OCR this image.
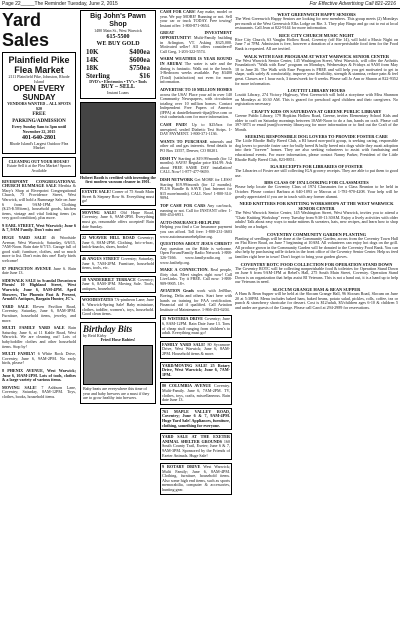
Page 22_____The Reminder Tuesday, June 2, 2015	For Effective Advertising Call 821-2216
Yard Sales
Plainfield Pike Flea Market
2111 Plainfield Pike, Johnston, Rhode Island
OPEN EVERY SUNDAY
VENDORS WANTED – ALL SPOTS $20
FREE PARKING/ADMISSION
Every Sunday 6am to 3pm until November 22, 2015
401-640-2801
Rhode Island's Largest Outdoor Flea Market
CLEANING OUT YOUR HOUSE?
Estate Sell it at the Flea Market! Spaces Available
RIVERPOINT CONGREGATIONAL CHURCH RUMMAGE SALE Merthia & Mary's Shop at Riverpoint Congregational Church, 75 Providence Street, West Warwick, will hold a Rummage Sale on June 6 from 9AM-1PM. Clothing ($.25-$.50/item), household goods, kitchen items, vintage and vital linking items (as very good condition), plus more.
9 EARL STREET, West Warwick; June 6 & 7, 9AM Family. Don't miss out!
HUGE YARD SALE! 46 Woodside Avenue, West Warwick; Saturday, 6/6/15, 7AM-Noon. Rain date 6/7/15. Garage full of good stuff; furniture, clothes, and so much more to list. Don't miss this one! Early birds welcome!
87 PRINCETON AVENUE June 6. Rain date June 13.
SIDEWALK SALE in Scandal Downtown Phenix! 10 Highland Street, West Warwick; June 6, 8AM-4PM. April Showers, The Phoenix Past & Present, Arnold's Antiques, Bargain Hunter, JC's.
YARD SALE Eleven Pavilion Road, Coventry; Saturday, June 6, 8AM-3PM. Furniture, household items, jewelry, and more.
MULTI FAMILY YARD SALE Rain Saturday, June 6, at 11 Kahle Road, West Warwick. We are cleaning out! Lots of baby/toddler clothes and other household items. Stop by!
MULTI FAMILY! 6 White Rock Drive, Coventry; June 6, 9AM-2PM. No early birds, please!
8 PHENIX AVENUE, West Warwick; June 6, 10AM-2PM. Lots of tools, clothes & a large variety of various items.
MOVING SALE! 7 Ashburn Lane, Coventry; Saturday, 8AM-12PM. Toys, clothes, books, household items.
Big John's Pawn Shop
1480 Main St., West Warwick
615-5500
WE BUY GOLD
10K	$400ea
14K	$600ea
18K	$750ea
Sterling	$16
DVD's • Electronics • TV's • Tools
BUY – SELL
Instant Loans
Hubert Booth is credited with inventing the first modern vacuum cleaner in 1901.
ESTATE SALE! Corner of 75 South Main Street & Stepney Row St. Everything must go!
MOVING SALE! Old Hope Road, Coventry; June 6, 9AM-2PM. Everything must go, reasonable offers accepted! Rain date Sunday.
22 WEAVER HILL ROAD Coventry; June 6, 8AM-2PM. Clothing, bric-a-brac, knick-knacks, shoes, books!
46 ANGUS STREET Coventry; Saturday, June 6, 7AM-2PM. Furniture, household items, tools, etc.
18 VANDERBILT TERRACE Coventry; June 6, 8AM-1PM. Moving Sale. Tools, antiques, household.
WOODESTATES 7A-pintheon Lane; June 6. Warwick-Spring Sale! Baby miniature, clothes, toddler, women's, toys, household. Good clean items.
Birthday Bits
by Reid Kirby
Fried Hose Babies!
Baby beats are everywhere this time of year and baby brewers are a must if they are to grow healthy into brewers.
CASH FOR CARS! Any make, model or year. We pay MORE! Running or not. Sell your car or truck TODAY. Free towing! Instant offer: 1-800-871-0654.
GREAT INVESTMENT OPPORTUNITY! Multi-Family building in Arlington, VT. Asking $325,000. Motivated seller! All offers considered! Call Greg, 1-203-322-5574.
WARM WEATHER IS YEAR ROUND IN ARUBA! The water is safe and the dining is fantastic. Walk out to the beach. 3-Bedroom weeks available. Pay $3400 (Total) (satisfaction) not even for more information.
ADVERTISE TO 10 MILLION HOMES across the USA! Place your ad in over 140 Community Newspapers, with circulation totaling over 10 million homes. Contact Independent Free Papers of America (IFPA) at danielleburnett-ifpa@live.com or visit cadnetads.com for more information.
CASH PAID! Up to $25/box for unexpired, sealed Diabetic Test Strips. 1-DAY PAYMENT. 1-800-371-1136.
WANTS TO PURCHASE minerals and other oil and gas interests. Send details to PO Box 13557, Denver, CO 80201.
DISH TV Starting at $19.99/month (for 12 months). SAVE! Regular price $34.99. Ask about FREE SAME DAY installation! CALL Now! 1-877-477-9659.
DISH NETWORK Get MORE for LESS! Starting $19.99/month (for 12 months). PLUS Bundle & SAVE (fast Internet for $15 more/month). CALL Now! 1-800-314-9094.
TOP CASH FOR CARS Any car/truck, running or not. Call for INSTANT offer: 1-800-454-6951.
AUTO-INSURANCE-HELPLINE Helping you find a Car Insurance payment you can afford. Toll free: 1-800-231-3603 www.autoinsurancehelpline.org.
QUESTIONS ABOUT JESUS CHRIST? Any question on the Bible is welcome. Open Forum/Family Radio Network 1-888-326-7466. www.familyradio.org or www.fasthelp.org.
MAKE A CONNECTION. Real people, flirty chat. Meet singles right now! Call LiveLinks. Try it FREE. Call now: 1-888-909-9905. 18+.
AVIATION Grads work with JetBlue, Boeing, Delta and others. Start here with hands on training for FAA certification. Financial aid if qualified. Call Aviation Institute of Maintenance. 1-866-453-6204.
35 WISTERIA DRIVE Coventry; June 6, 8AM-12PM. Rain Date June 13. Tons of cheap stuff ranging from children's to adult. Everything must go!
FAMILY YARD SALE! 80 Sycamore Drive, West Warwick; June 6, 8AM-2PM. Household items & more.
YARD/MOVING SALE! 25 Rotary Drive, West Warwick; June 6, 7AM-1PM.
80 COLUMBIA AVENUE Coventry. Multi-Family. June 6, 7AM-2PM. TV, clothes, toys, crafts, miscellaneous. Rain date June 13.
761 MAPLE VALLEY ROAD, Coventry; June 6 & 7, 9AM-4PM. Huge Yard Sale! Appliances, furniture, clothing, something for everyone.
YARD SALE AT THE EXETER ANIMAL SHELTER GROUNDS 160 South County Trail, Exeter; June 6 & 7, 9AM-3PM. Sponsored by the Friends of Exeter Animals. Huge Sale!
9 ROTARY DRIVE West Warwick; Multi Family; June 6, 8AM-4PM. Clothing, furniture, household items. Also some high end items, such as sports memorabilia, computer & accessories, hunting gear.
WEST GREENWICH HAPPY SENIORS

The West Greenwich Happy Seniors are looking for new members. This group meets (2) Mondays per month at the West Greenwich Elks Lodge on Rte. 3. They play Bingo and go out to eat at local restaurants. Call Jean at 822-9144 for more information.

RICE CITY CHURCH MUSIC NIGHT

Rice City Church, 63 Vaughn Hollow Road, Coventry (off Rte 14), will hold a Music Night on June 7 at 7PM. Admission is free, however a donation of a non-perishable food item for the Food Bank is requested. All are invited.

WALK WITH EASE PROGRAM AT WEST WARWICK SENIOR CENTER

The West Warwick Senior Center, 145 Washington Street, West Warwick, will offer the Arthritis Foundation's "Walk with Ease" program on Mondays, Wednesdays & Fridays at 9AM from May 18 to June 26. The Walk with Ease Program is FREE and will help you get motivated to get in shape, walk safely & comfortably, improve your flexibility, strength & stamina, reduce pain & feel great. Classes are 1 hour each, 3 times/week for 6 weeks. Please call Jo Ann or Sharon at 822-9352 for more information.

LOUTTIT LIBRARY HOURS

Louttit Library, 274 Victory Highway, West Greenwich will hold a storytime with Miss Shannon on Mondays at 10:30 AM. This is geared for preschool aged children and their caregivers. No registration necessary.

CRAFTY KIDS ON SATURDAYS AT GREENE PUBLIC LIBRARY

Greene Public Library, 179 Hopkins Hollow Road, Greene, invites Elementary School Kids and older to craft on Saturday mornings between 10AM-Noon to do a fun, hands on craft. Please call 397-3873 or email jean@coventry library.org for more information or to find out the Craft of the Month.

SEEKING RESPONSIBLE DOG LOVERS TO PROVIDE FOSTER CARE

The Little Rhodie Bully Breed Club, a RI based non-profit group, is seeking caring, responsible dog lovers to provide foster care for bully breed & bully breed mix dogs while they await adoption into their "forever" homes. They are also seeking volunteers to assist with fundraising and educational events. For more information, please contact Nanny Parker, President of the Little Rhodie Bully Breed Club, 823-8851.

IGA RECEIPTS FOR LIBRARIES OF FOSTER

The Libraries of Foster are still collecting IGA grocery receipts. They are able to put them to good use.

BHS CLASS OF 1974 LOOKING FOR CLASSMATES

Please help locate the Coventry Class of 1974 Classmates for a Class Reunion to be held in October. Please contact Barbara at 640-1093 or Marcus at 1-781-970-4208. Your help will be greatly appreciated if you are in touch with any former alumni.

NEED KNITTERS FOR KNITTING WORKSHOPS AT THE WEST WARWICK SENIOR CENTER

The West Warwick Senior Center, 145 Washington Street, West Warwick, invites you to attend a "Chair Knitting Workshop" every Tuesday from 9:30-11:30AM. Enjoy a lively activities with older adults! Talk about easy ways to make mittens & sweaters, hats, new recipes, and learn how to shop healthy on a budget.

COVENTRY COMMUNITY GARDEN PLANTING

Planting of seedlings will be done at the Community Garden, across from the Coventry Town Hall on Flat River Road, on June 7 beginning at 10AM. All volunteers can enjoy hot dogs on the grill. All produce grown in the Community Garden will be donated to the Coventry Food Bank. You can also help by purchasing raffle tickets in the front office of the Coventry Senior Center. Help us feed families right here in town! Don't forget to bring your garden gloves.

COVENTRY ROTC FOOD COLLECTION FOR OPERATION STAND DOWN

The Coventry ROTC will be collecting nonperishable food & toiletries for Operation Stand Down on June 6 from 9AM-1PM at Rebel's Hall, 275 South Main Street, Coventry. Operation Stand Down is an organization that helps assist RI Veterans. This is not a hand out, it is a hand up to help our Veterans in need.

SLOCUM GRANGE HAM & BEAN SUPPER

A Ham & Bean Supper will be held at the Slocum Grange Hall, 96 Slocum Road, Slocum on June 20 at 5:30PM. Menu includes baked ham, baked beans, potato salad, pickles, rolls, coffee, tea or punch & strawberry shortcake for dessert. Cost is $12/adult, $5/children ages 6-10 & children 5 and under are guests of the Grange. Please call Carol at 294-2989 for reservations.
